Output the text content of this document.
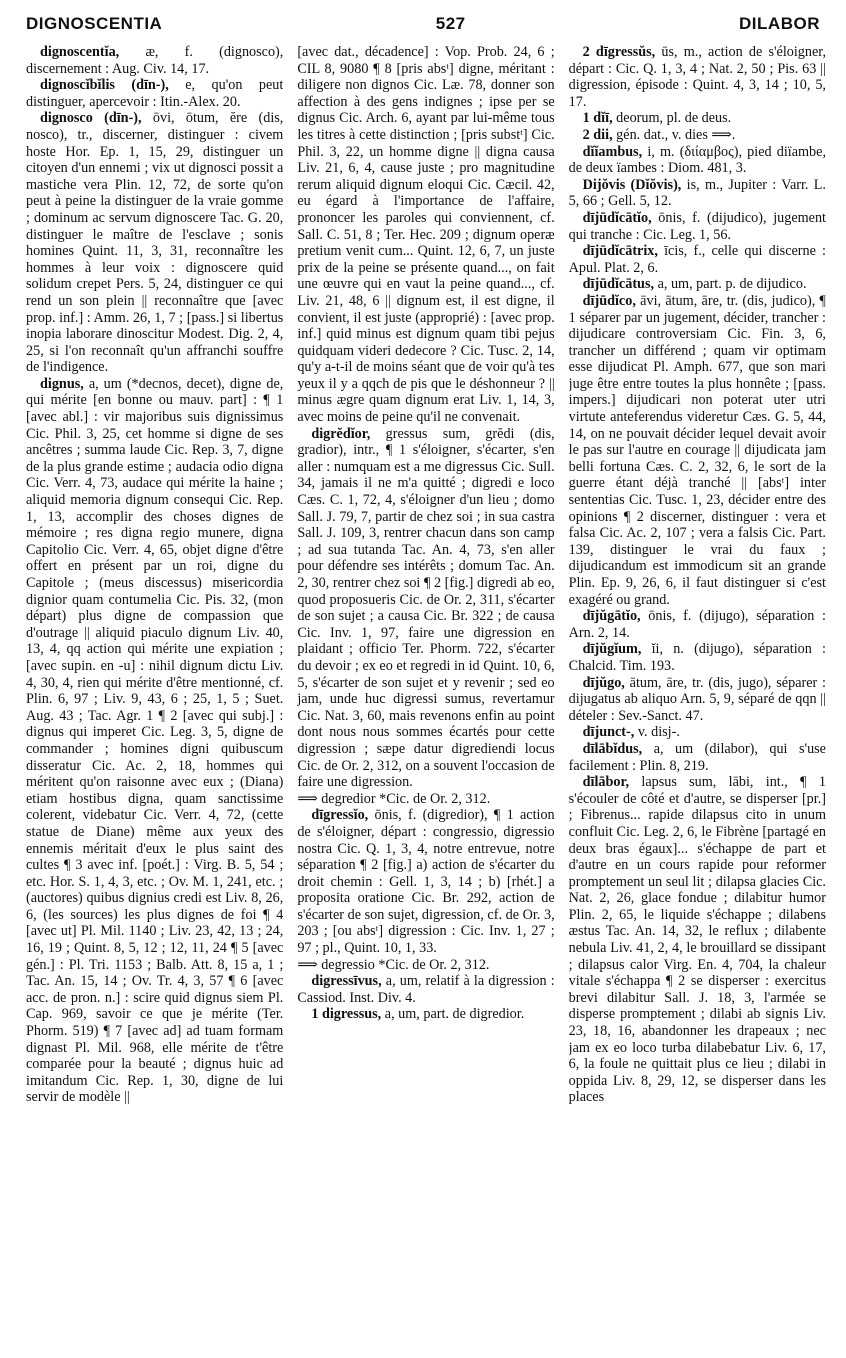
DIGNOSCENTIA	527	DILABOR
dignoscentĭa, æ, f. (dignosco), discernement : Aug. Civ. 14, 17.
dignoscĭbĭlis (dīn-), e, qu'on peut distinguer, apercevoir : Itin.-Alex. 20.
dignosco (dīn-), ōvi, ōtum, ĕre (dis, nosco), tr., discerner, distinguer : civem hoste Hor. Ep. 1, 15, 29, distinguer un citoyen d'un ennemi ; vix ut dignosci possit a mastiche vera Plin. 12, 72, de sorte qu'on peut à peine la distinguer de la vraie gomme ; dominum ac servum dignoscere Tac. G. 20, distinguer le maître de l'esclave ; sonis homines Quint. 11, 3, 31, reconnaître les hommes à leur voix : dignoscere quid solidum crepet Pers. 5, 24, distinguer ce qui rend un son plein || reconnaître que [avec prop. inf.] : Amm. 26, 1, 7 ; [pass.] si libertus inopia laborare dinoscitur Modest. Dig. 2, 4, 25, si l'on reconnaît qu'un affranchi souffre de l'indigence.
dignus, a, um (*decnos, decet), digne de, qui mérite [en bonne ou mauv. part] : ¶ 1 [avec abl.] : vir majoribus suis dignissimus Cic. Phil. 3, 25, cet homme si digne de ses ancêtres ; summa laude Cic. Rep. 3, 7, digne de la plus grande estime ; audacia odio digna Cic. Verr. 4, 73, audace qui mérite la haine ; aliquid memoria dignum consequi Cic. Rep. 1, 13, accomplir des choses dignes de mémoire ; res digna regio munere, digna Capitolio Cic. Verr. 4, 65, objet digne d'être offert en présent par un roi, digne du Capitole ; (meus discessus) misericordia dignior quam contumelia Cic. Pis. 32, (mon départ) plus digne de compassion que d'outrage || aliquid piaculo dignum Liv. 40, 13, 4, qq action qui mérite une expiation ; [avec supin. en -u] : nihil dignum dictu Liv. 4, 30, 4, rien qui mérite d'être mentionné, cf. Plin. 6, 97 ; Liv. 9, 43, 6 ; 25, 1, 5 ; Suet. Aug. 43 ; Tac. Agr. 1 ¶ 2 [avec qui subj.] : dignus qui imperet Cic. Leg. 3, 5, digne de commander ; homines digni quibuscum disseratur Cic. Ac. 2, 18, hommes qui méritent qu'on raisonne avec eux ; (Diana) etiam hostibus digna, quam sanctissime colerent, videbatur Cic. Verr. 4, 72, (cette statue de Diane) même aux yeux des ennemis méritait d'eux le plus saint des cultes ¶ 3 avec inf. [poét.] : Virg. B. 5, 54 ; etc. Hor. S. 1, 4, 3, etc. ; Ov. M. 1, 241, etc. ; (auctores) quibus dignius credi est Liv. 8, 26, 6, (les sources) les plus dignes de foi ¶ 4 [avec ut] Pl. Mil. 1140 ; Liv. 23, 42, 13 ; 24, 16, 19 ; Quint. 8, 5, 12 ; 12, 11, 24 ¶ 5 [avec gén.] : Pl. Tri. 1153 ; Balb. Att. 8, 15 a, 1 ; Tac. An. 15, 14 ; Ov. Tr. 4, 3, 57 ¶ 6 [avec acc. de pron. n.] : scire quid dignus siem Pl. Cap. 969, savoir ce que je mérite (Ter. Phorm. 519) ¶ 7 [avec ad] ad tuam formam dignast Pl. Mil. 968, elle mérite de t'être comparée pour la beauté ; dignus huic ad imitandum Cic. Rep. 1, 30, digne de lui servir de modèle ||
[avec dat., décadence] : Vop. Prob. 24, 6 ; CIL 8, 9080 ¶ 8 [pris absᵗ] digne, méritant : diligere non dignos Cic. Læ. 78, donner son affection à des gens indignes ; ipse per se dignus Cic. Arch. 6, ayant par lui-même tous les titres à cette distinction ; [pris substᵗ] Cic. Phil. 3, 22, un homme digne || digna causa Liv. 21, 6, 4, cause juste ; pro magnitudine rerum aliquid dignum eloqui Cic. Cæcil. 42, eu égard à l'importance de l'affaire, prononcer les paroles qui conviennent, cf. Sall. C. 51, 8 ; Ter. Hec. 209 ; dignum operæ pretium venit cum... Quint. 12, 6, 7, un juste prix de la peine se présente quand..., on fait une œuvre qui en vaut la peine quand..., cf. Liv. 21, 48, 6 || dignum est, il est digne, il convient, il est juste (approprié) : [avec prop. inf.] quid minus est dignum quam tibi pejus quidquam videri dedecore ? Cic. Tusc. 2, 14, qu'y a-t-il de moins séant que de voir qu'à tes yeux il y a qqch de pis que le déshonneur ? || minus ægre quam dignum erat Liv. 1, 14, 3, avec moins de peine qu'il ne convenait.
digrĕdĭor, gressus sum, grĕdi (dis, gradior), intr., ¶ 1 s'éloigner, s'écarter, s'en aller : numquam est a me digressus Cic. Sull. 34, jamais il ne m'a quitté ; digredi e loco Cæs. C. 1, 72, 4, s'éloigner d'un lieu ; domo Sall. J. 79, 7, partir de chez soi ; in sua castra Sall. J. 109, 3, rentrer chacun dans son camp ; ad sua tutanda Tac. An. 4, 73, s'en aller pour défendre ses intérêts ; domum Tac. An. 2, 30, rentrer chez soi ¶ 2 [fig.] digredi ab eo, quod proposueris Cic. de Or. 2, 311, s'écarter de son sujet ; a causa Cic. Br. 322 ; de causa Cic. Inv. 1, 97, faire une digression en plaidant ; officio Ter. Phorm. 722, s'écarter du devoir ; ex eo et regredi in id Quint. 10, 6, 5, s'écarter de son sujet et y revenir ; sed eo jam, unde huc digressi sumus, revertamur Cic. Nat. 3, 60, mais revenons enfin au point dont nous nous sommes écartés pour cette digression ; sæpe datur digrediendi locus Cic. de Or. 2, 312, on a souvent l'occasion de faire une digression.
⟹ degredior *Cic. de Or. 2, 312.
dīgressĭo, ōnis, f. (digredior), ¶ 1 action de s'éloigner, départ : congressio, digressio nostra Cic. Q. 1, 3, 4, notre entrevue, notre séparation ¶ 2 [fig.] a) action de s'écarter du droit chemin : Gell. 1, 3, 14 ; b) [rhét.] a proposita oratione Cic. Br. 292, action de s'écarter de son sujet, digression, cf. de Or. 3, 203 ; [ou absᵗ] digression : Cic. Inv. 1, 27 ; 97 ; pl., Quint. 10, 1, 33.
⟹ degressio *Cic. de Or. 2, 312.
digressīvus, a, um, relatif à la digression : Cassiod. Inst. Div. 4.
1 digressus, a, um, part. de digredior.
2 dīgressŭs, ūs, m., action de s'éloigner, départ : Cic. Q. 1, 3, 4 ; Nat. 2, 50 ; Pis. 63 || digression, épisode : Quint. 4, 3, 14 ; 10, 5, 17.
1 dĭī, deorum, pl. de deus.
2 dii, gén. dat., v. dies ⟹.
dĭĭambus, i, m. (διίαμβος), pied diïambe, de deux ïambes : Diom. 481, 3.
Dijŏvis (Dĭŏvis), is, m., Jupiter : Varr. L. 5, 66 ; Gell. 5, 12.
dījūdĭcātĭo, ōnis, f. (dijudico), jugement qui tranche : Cic. Leg. 1, 56.
dījūdĭcātrix, īcis, f., celle qui discerne : Apul. Plat. 2, 6.
dījūdĭcātus, a, um, part. p. de dijudico.
dījūdĭco, āvi, ātum, āre, tr. (dis, judico), ¶ 1 séparer par un jugement, décider, trancher : dijudicare controversiam Cic. Fin. 3, 6, trancher un différend ; quam vir optimam esse dijudicat Pl. Amph. 677, que son mari juge être entre toutes la plus honnête ; [pass. impers.] dijudicari non poterat uter utri virtute anteferendus videretur Cæs. G. 5, 44, 14, on ne pouvait décider lequel devait avoir le pas sur l'autre en courage || dijudicata jam belli fortuna Cæs. C. 2, 32, 6, le sort de la guerre étant déjà tranché || [absᵗ] inter sententias Cic. Tusc. 1, 23, décider entre des opinions ¶ 2 discerner, distinguer : vera et falsa Cic. Ac. 2, 107 ; vera a falsis Cic. Part. 139, distinguer le vrai du faux ; dijudicandum est immodicum sit an grande Plin. Ep. 9, 26, 6, il faut distinguer si c'est exagéré ou grand.
dījŭgātĭo, ōnis, f. (dijugo), séparation : Arn. 2, 14.
dījŭgĭum, ĭi, n. (dijugo), séparation : Chalcid. Tim. 193.
dījŭgo, ātum, āre, tr. (dis, jugo), séparer : dijugatus ab aliquo Arn. 5, 9, séparé de qqn || dételer : Sev.-Sanct. 47.
dījunct-, v. disj-.
dīlābĭdus, a, um (dilabor), qui s'use facilement : Plin. 8, 219.
dīlābor, lapsus sum, lābi, int., ¶ 1 s'écouler de côté et d'autre, se disperser [pr.] ; Fibrenus... rapide dilapsus cito in unum confluit Cic. Leg. 2, 6, le Fibrène [partagé en deux bras égaux]... s'échappe de part et d'autre en un cours rapide pour reformer promptement un seul lit ; dilapsa glacies Cic. Nat. 2, 26, glace fondue ; dilabitur humor Plin. 2, 65, le liquide s'échappe ; dilabens æstus Tac. An. 14, 32, le reflux ; dilabente nebula Liv. 41, 2, 4, le brouillard se dissipant ; dilapsus calor Virg. En. 4, 704, la chaleur vitale s'échappa ¶ 2 se disperser : exercitus brevi dilabitur Sall. J. 18, 3, l'armée se disperse promptement ; dilabi ab signis Liv. 23, 18, 16, abandonner les drapeaux ; nec jam ex eo loco turba dilabebatur Liv. 6, 17, 6, la foule ne quittait plus ce lieu ; dilabi in oppida Liv. 8, 29, 12, se disperser dans les places
